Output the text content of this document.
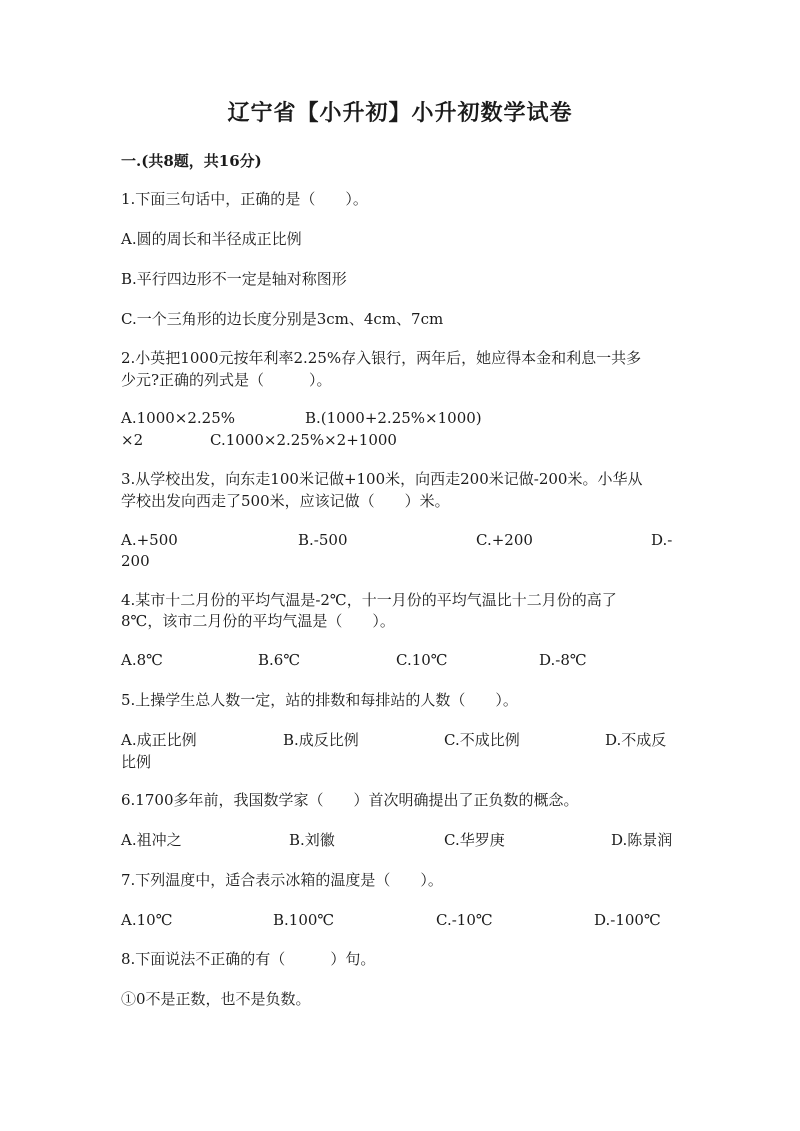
辽宁省【小升初】小升初数学试卷
一.(共8题，共16分)
1.下面三句话中，正确的是（　　）。
A.圆的周长和半径成正比例
B.平行四边形不一定是轴对称图形
C.一个三角形的边长度分别是3cm、4cm、7cm
2.小英把1000元按年利率2.25%存入银行，两年后，她应得本金和利息一共多
少元?正确的列式是（　　　）。
A.1000×2.25%	B.(1000+2.25%×1000)
×2	C.1000×2.25%×2+1000
3.从学校出发，向东走100米记做+100米，向西走200米记做-200米。小华从
学校出发向西走了500米，应该记做（　　）米。
A.+500	B.-500	C.+200	D.-
200
4.某市十二月份的平均气温是-2℃，十一月份的平均气温比十二月份的高了
8℃，该市二月份的平均气温是（　　）。
A.8℃	B.6℃	C.10℃	D.-8℃
5.上操学生总人数一定，站的排数和每排站的人数（　　）。
A.成正比例	B.成反比例	C.不成比例	D.不成反
比例
6.1700多年前，我国数学家（　　）首次明确提出了正负数的概念。
A.祖冲之	B.刘徽	C.华罗庚	D.陈景润
7.下列温度中，适合表示冰箱的温度是（　　）。
A.10℃	B.100℃	C.-10℃	D.-100℃
8.下面说法不正确的有（　　　）句。
①0不是正数，也不是负数。
